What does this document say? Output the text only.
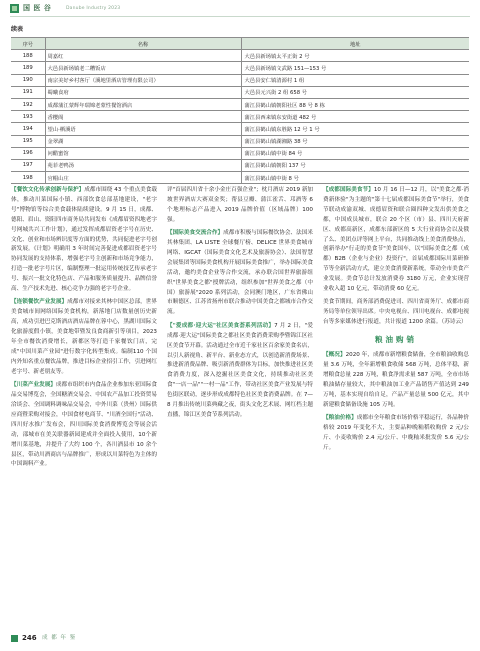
国 医 谷	Danube Industry 2023
续表
序号	名称	地址
188	周嘉红	大邑县新场镇太平正街 2 号
189	大邑县新场镇老二糟饭店	大邑县新场镇文武路 151—153 号
190	南宗美好乡村客厅（溪地里酒店管理有限公司）	大邑县安仁镇清源村 1 组
191	蜀曦食府	大邑县元兴街 2 组 658 号
192	成都蒲江蒙辉年瑞锦老蒙性餐馆酒店	蒲江县鹤山镇朝阳社区 88 号 8 栋
193	香樱阁	蒲江县西来镇东安街道 482 号
194	望山·栖溪语	蒲江县鹤山镇东胜路 12 号 1 号
195	金翠湖	蒲江县鹤山镇湖湘路 38 号
196	问醋蜜馆	蒲江县鹤山镇中街 84 号
197	苑菲老鸭汤	蒲江县鹤山镇朝阳 137 号
198	官帽山庄	蒲江县鹤山镇中街 8 号
【餐饮文化传承创新与保护】成都市围绕 43 个重点美食载体，推动川菜国际小镇、西部饮食总部基地建设，"老字号"博物馆等综合美食载体陆续建设。9 月 15 日，成都、德阳、眉山、资阳四市商务局共同发布《成都眉资四地老字号网城共兴工作计划》，通过发挥成都眉资老字号在历史、文化、创业和市场辨识度等方面的优势，共同促进老字号创新发展。《计划》明确用 3 年时间完善促进成都眉资老字号协同发展的支持体系，增强老字号主创新和市场竞争能力，打造一批老字号片区，编制整理一批运用传统技艺传承老字号、振兴一批文化特色店、产品和服务质量提升、品牌信誉高、生产技术先进、核心竞争力强的老字号企业。
【连锁餐饮产业发展】成都市对接来其林中国区总部，世界美食城市间网络国际美食机构，新落地门店数量创历史新高，成功引进巴克斯酒店酒店品牌在蓉中心，黑湖川国际文化旅游度假小镇，美食地带暨发良食商新引等项目，2023年全市餐饮消费增长，新都区等打造千家餐饮门店，完成"中国川菜产业园"进行数字化转型集成。编制110 个国内外知名重点餐饮品牌，推进目标企业招引工作，引进网红老字号、新老朋友等。
【川菜产业发展】成都市组织市内食品企业参加东亚国际食品交易博览会，全国糖酒交易会、中国农产品加工投资贸易洽谈会、全国调料调味品交易会，中外川菜（贵州）国际供应商暨采购对接会，中国食材电商节、"川酒全国行"活动、四川好水推广发布会，四川国际美食消费博览会等展会活动，邵城市在美关联器新园建成并全面投入使用，10个新增川菜基地，并提升了大约 100 个，各川酒县市 10 余个县区，带动川酒商店与品牌推广，形成以川菜特色为主体的中国调料产业。
评"首届四川省十余小金庄百强企业"；枕月酒店 2019 新加坡世界酒店大赛双金奖；帮县豆瓣、蒲江雀舌、邛酒等 6 个地理标志产品进入 2019 品牌价值（区域品牌）100 强。
【国际美食交流合作】成都市积极与国际餐饮协会、法国米其林集团、LA LISTE 全球餐厅榜、DELICE 世界美食城市网络、IGCAT（国际美食文化艺术及旅游协会）、法国智慧会展集团等国际美食机构开展国际美食推广，举办国际美食活动，邀约美食企业等合作交流，承办联合国世界旅游组织"世界美食之都"授牌活动，组织参加"世界美食之都（中国）旅游展"2020 系列活动，会同澳门地区，广东省佛山市顺德区、江苏省扬州市联合推动中国美食之都城市合作交流。
【"爱成都·迎大运"社区美食荟系列活动】7 月 2 日，"爱成都·迎大运"国际美食之都社区美食消费采购季暨锦江区社区美食节开幕。活动通过全市近千家社区百余家美食名店，以引人新视角、新平台、新业态方式，以创造新消费场景、推进新消费品牌、吸引新消费群体为目标，加快推进社区美食消费力度，深入挖掘社区美食文化，持续推动社区美食"一店一品""一村一品"工作，带动社区美食产业发展与特色街区联动，逐步形成成都特色社区美食消费品牌。在 7—8 月推出传统川菜典藏之夜，街头文化艺术展、网红档主题直播，锦江区美食节系列活动。
【成都国际美食节】10 月 16 日—12 月，以"美食之都·消费新体验"为主题的"第十七届成都国际美食节"举行，美食节联动成渝双城、成德眉资和联合圈四种文发出供美食之都，中国成员城市，联合 20 个区（市）县、四川天府新区、成都高新区，成都东部新区的 5 大行业商协会以及俄了么、美团点评等网上平台，共同推动线上美食消费热点，创新举办"行走的美食节"美食国车，以"国际美食之都（成都）B2B（企业与企业）投资行"，首届成都国际川菜研修节等全新活动方式，建立美食消费新系统，带动全市美食产业发展。美食节总计发放消费券 3180 万元，企业实现营业收入超 10 亿元，带动消费 60 亿元。
美食节期间，商务部消费促进司、四川省商务厅、成都市商务局等单位领导出席。中央电视台、四川电视台、成都电视台等多家媒体进行报道，共计报道 1200 余篇。（苏诗云）
粮油购销
【概况】2020 年，成都市新增粮食储备，全市粮油收购总量 3.6 万吨，全年新增粮食收储 568 万吨，总体平稳，新增粮食总量 228 万吨，粮食净需求量 587 万吨，全市市场粮油储存量较大，其中粮油加工业产品销售产值达到 249 万吨，基本实现自给自足，产品产量总量 500 亿元，其中新建粮食储备设施 105 万吨。
【粮油价格】成都市全年粮食市场价格平稳运行，各品种价格较 2019 年变化不大，主要品种晚籼稻收购价 2 元/公斤、小麦收购价 2.4 元/公斤、中晚籼米批发价 5.6 元/公斤。
246 成 都 年 鉴
